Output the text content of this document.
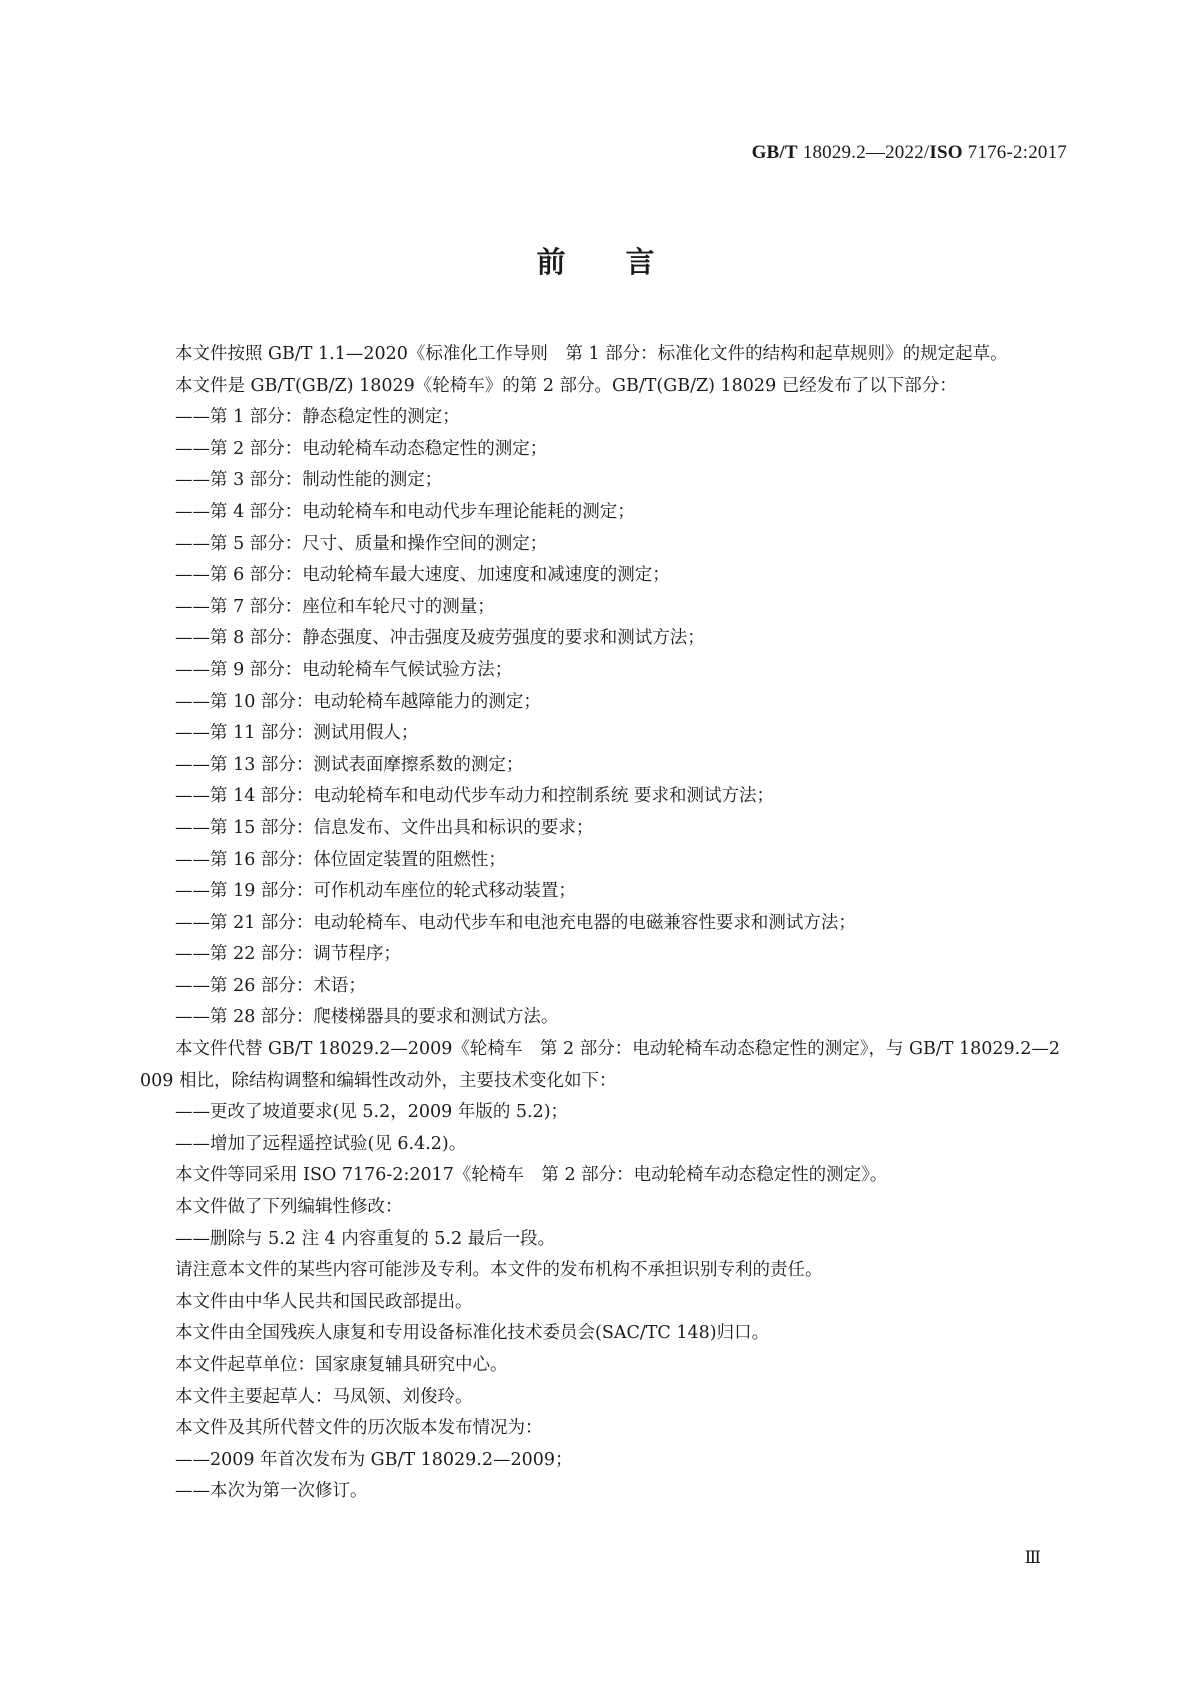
GB/T 18029.2—2022/ISO 7176-2:2017
前言

本文件按照 GB/T 1.1—2020《标准化工作导则　第 1 部分：标准化文件的结构和起草规则》的规定起草。

本文件是 GB/T(GB/Z) 18029《轮椅车》的第 2 部分。GB/T(GB/Z) 18029 已经发布了以下部分：

——第 1 部分：静态稳定性的测定；

——第 2 部分：电动轮椅车动态稳定性的测定；

——第 3 部分：制动性能的测定；

——第 4 部分：电动轮椅车和电动代步车理论能耗的测定；

——第 5 部分：尺寸、质量和操作空间的测定；

——第 6 部分：电动轮椅车最大速度、加速度和减速度的测定；

——第 7 部分：座位和车轮尺寸的测量；

——第 8 部分：静态强度、冲击强度及疲劳强度的要求和测试方法；

——第 9 部分：电动轮椅车气候试验方法；

——第 10 部分：电动轮椅车越障能力的测定；

——第 11 部分：测试用假人；

——第 13 部分：测试表面摩擦系数的测定；

——第 14 部分：电动轮椅车和电动代步车动力和控制系统 要求和测试方法；

——第 15 部分：信息发布、文件出具和标识的要求；

——第 16 部分：体位固定装置的阻燃性；

——第 19 部分：可作机动车座位的轮式移动装置；

——第 21 部分：电动轮椅车、电动代步车和电池充电器的电磁兼容性要求和测试方法；

——第 22 部分：调节程序；

——第 26 部分：术语；

——第 28 部分：爬楼梯器具的要求和测试方法。

本文件代替 GB/T 18029.2—2009《轮椅车　第 2 部分：电动轮椅车动态稳定性的测定》，与 GB/T 18029.2—2009 相比，除结构调整和编辑性改动外，主要技术变化如下：

——更改了坡道要求(见 5.2，2009 年版的 5.2)；

——增加了远程遥控试验(见 6.4.2)。

本文件等同采用 ISO 7176-2:2017《轮椅车　第 2 部分：电动轮椅车动态稳定性的测定》。

本文件做了下列编辑性修改：

——删除与 5.2 注 4 内容重复的 5.2 最后一段。

请注意本文件的某些内容可能涉及专利。本文件的发布机构不承担识别专利的责任。

本文件由中华人民共和国民政部提出。

本文件由全国残疾人康复和专用设备标准化技术委员会(SAC/TC 148)归口。

本文件起草单位：国家康复辅具研究中心。

本文件主要起草人：马凤领、刘俊玲。

本文件及其所代替文件的历次版本发布情况为：

——2009 年首次发布为 GB/T 18029.2—2009；

——本次为第一次修订。

Ⅲ
